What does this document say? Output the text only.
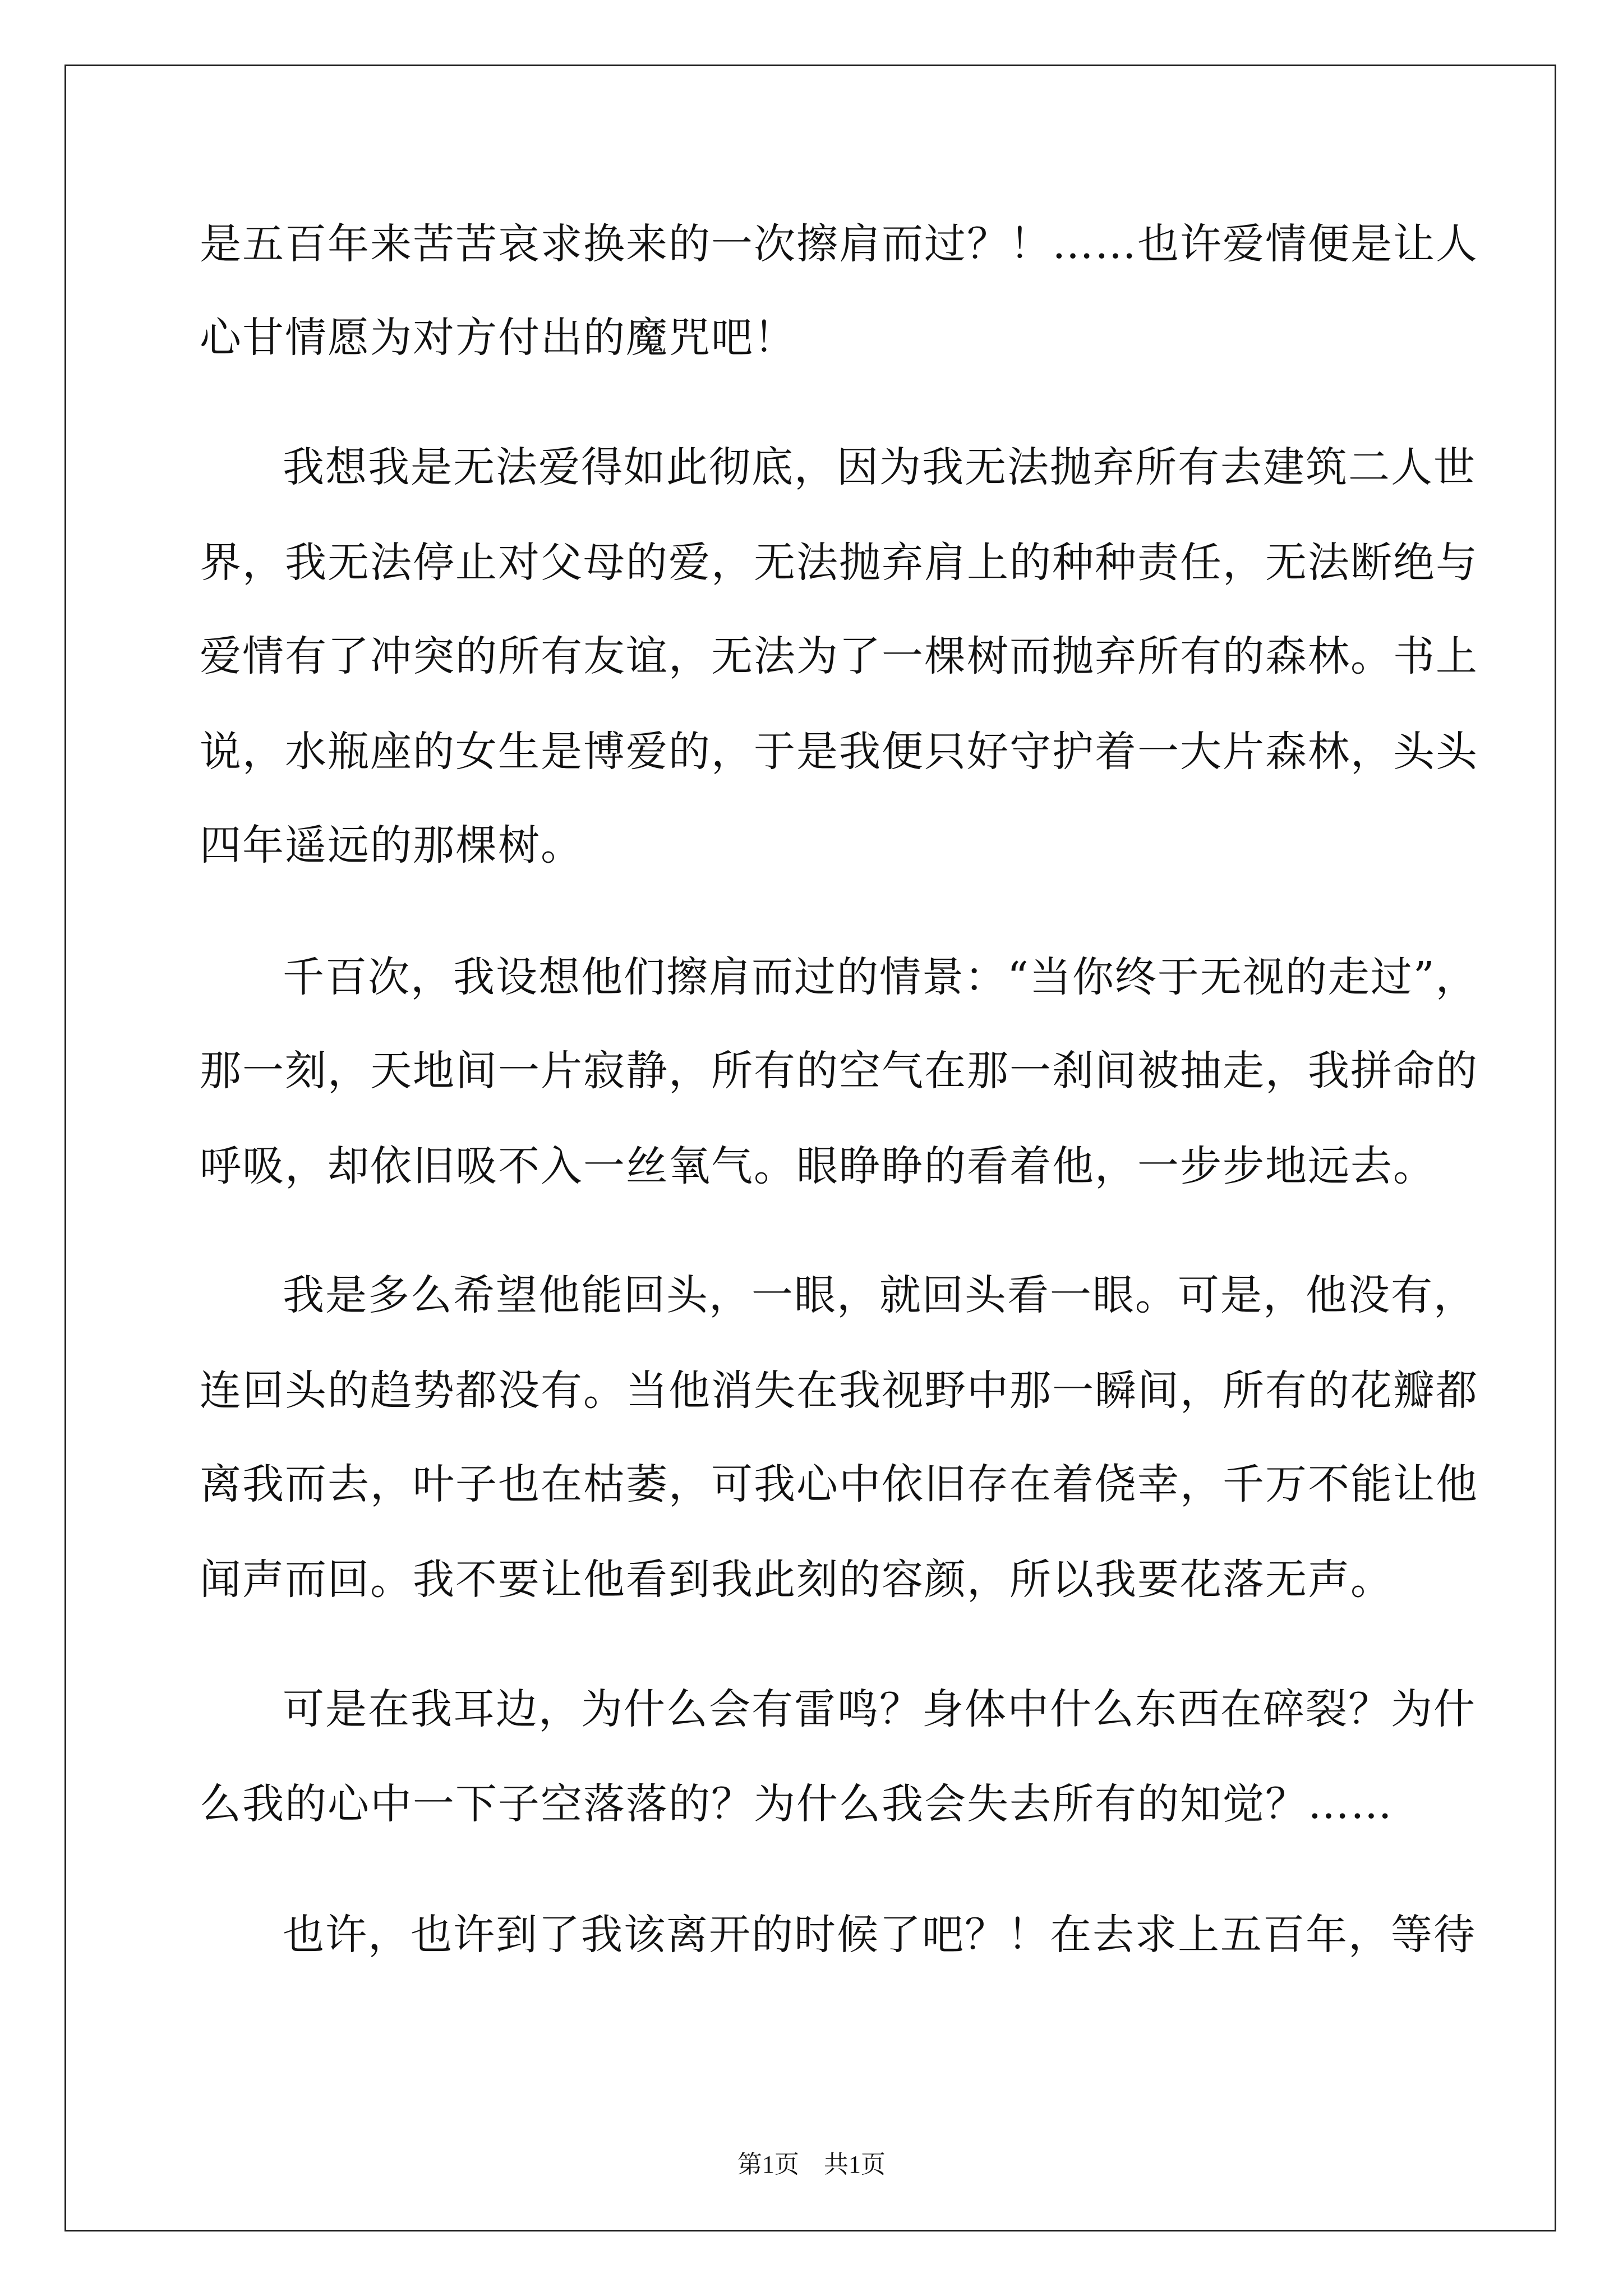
是五百年来苦苦哀求换来的一次擦肩而过？！……也许爱情便是让人
心甘情愿为对方付出的魔咒吧！
我想我是无法爱得如此彻底，因为我无法抛弃所有去建筑二人世
界，我无法停止对父母的爱，无法抛弃肩上的种种责任，无法断绝与
爱情有了冲突的所有友谊，无法为了一棵树而抛弃所有的森林。书上
说，水瓶座的女生是博爱的，于是我便只好守护着一大片森林，头头
四年遥远的那棵树。
千百次，我设想他们擦肩而过的情景：“当你终于无视的走过”，
那一刻，天地间一片寂静，所有的空气在那一刹间被抽走，我拼命的
呼吸，却依旧吸不入一丝氧气。眼睁睁的看着他，一步步地远去。
我是多么希望他能回头，一眼，就回头看一眼。可是，他没有，
连回头的趋势都没有。当他消失在我视野中那一瞬间，所有的花瓣都
离我而去，叶子也在枯萎，可我心中依旧存在着侥幸，千万不能让他
闻声而回。我不要让他看到我此刻的容颜，所以我要花落无声。
可是在我耳边，为什么会有雷鸣？身体中什么东西在碎裂？为什
么我的心中一下子空落落的？为什么我会失去所有的知觉？……
也许，也许到了我该离开的时候了吧？！在去求上五百年，等待
第1页　共1页
